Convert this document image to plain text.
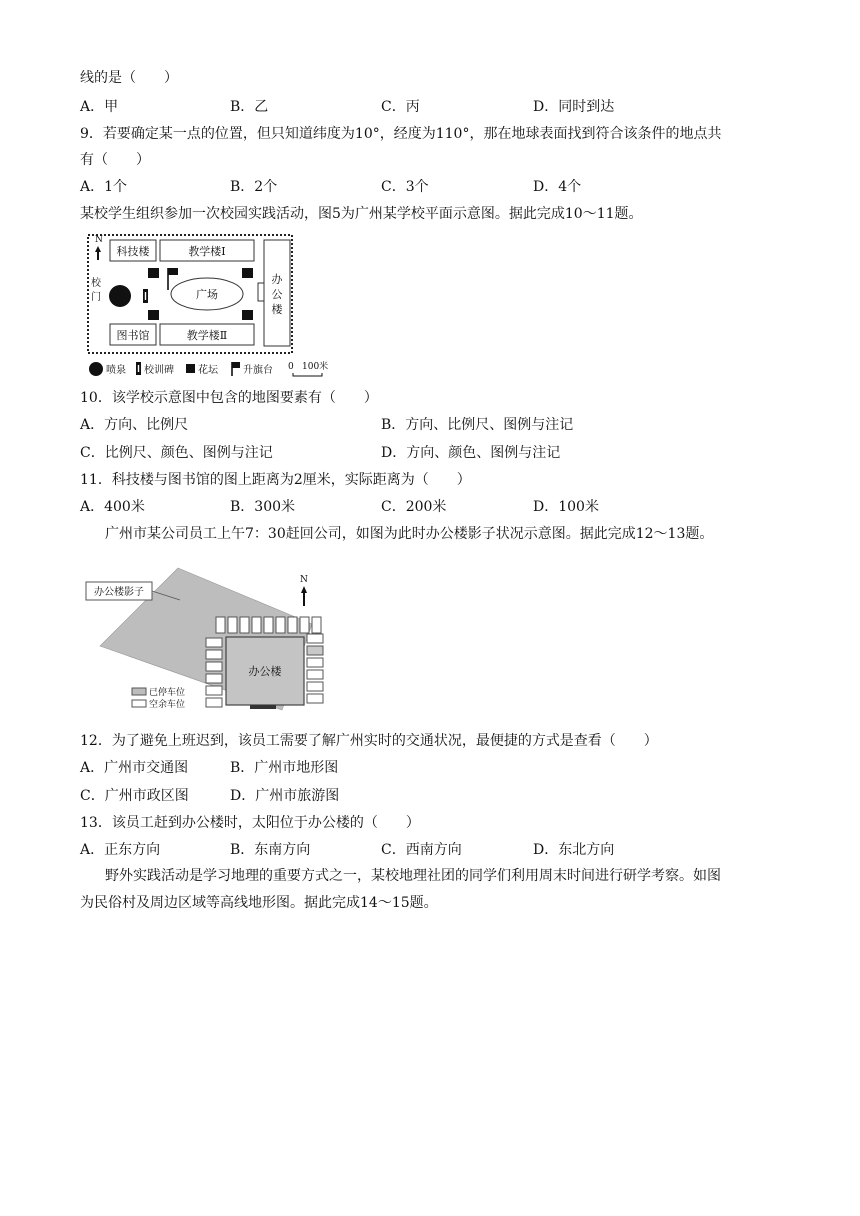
线的是（　　）
A．甲	B．乙	C．丙	D．同时到达
9．若要确定某一点的位置，但只知道纬度为10°，经度为110°，那在地球表面找到符合该条件的地点共
有（　　）
A．1个	B．2个	C．3个	D．4个
某校学生组织参加一次校园实践活动，图5为广州某学校平面示意图。据此完成10～11题。
N
科技楼	教学楼Ⅰ
图书馆	教学楼Ⅱ
办
公
楼
校
门	广场
喷泉 校训碑 花坛	升旗台 0 100米
10．该学校示意图中包含的地图要素有（　　）
A．方向、比例尺	B．方向、比例尺、图例与注记
C．比例尺、颜色、图例与注记	D．方向、颜色、图例与注记
11．科技楼与图书馆的图上距离为2厘米，实际距离为（　　）
A．400米	B．300米	C．200米	D．100米
广州市某公司员工上午7：30赶回公司，如图为此时办公楼影子状况示意图。据此完成12～13题。
办公楼影子
N
办公楼
已停车位
空余车位
12．为了避免上班迟到，该员工需要了解广州实时的交通状况，最便捷的方式是查看（　　）
A．广州市交通图	B．广州市地形图
C．广州市政区图	D．广州市旅游图
13．该员工赶到办公楼时，太阳位于办公楼的（　　）
A．正东方向	B．东南方向	C．西南方向	D．东北方向
野外实践活动是学习地理的重要方式之一，某校地理社团的同学们利用周末时间进行研学考察。如图
为民俗村及周边区域等高线地形图。据此完成14～15题。
